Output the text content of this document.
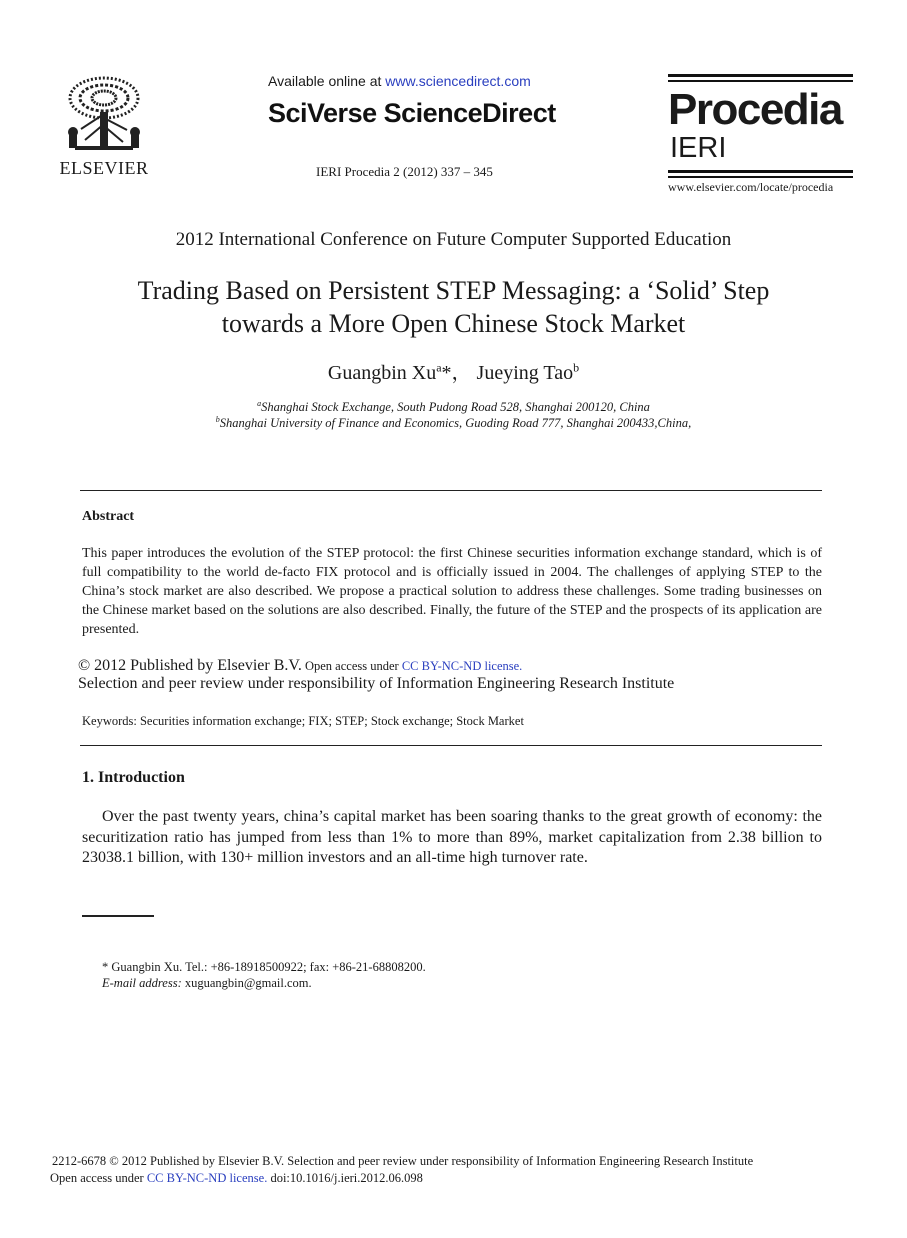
ELSEVIER
Available online at www.sciencedirect.com
SciVerse ScienceDirect
IERI Procedia 2 (2012) 337 – 345
Procedia
IERI
www.elsevier.com/locate/procedia
2012 International Conference on Future Computer Supported Education
Trading Based on Persistent STEP Messaging: a ‘Solid’ Step
towards a More Open Chinese Stock Market
Guangbin Xu$^a$*， Jueying Tao$^b$
$^a$Shanghai Stock Exchange, South Pudong Road 528, Shanghai 200120, China
$^b$Shanghai University of Finance and Economics, Guoding Road 777, Shanghai 200433,China,
Abstract
This paper introduces the evolution of the STEP protocol: the first Chinese securities information exchange standard, which is of full compatibility to the world de-facto FIX protocol and is officially issued in 2004. The challenges of applying STEP to the China’s stock market are also described. We propose a practical solution to address these challenges. Some trading businesses on the Chinese market based on the solutions are also described. Finally, the future of the STEP and the prospects of its application are presented.
© 2012 Published by Elsevier B.V. Open access under CC BY-NC-ND license.
Selection and peer review under responsibility of Information Engineering Research Institute
Keywords: Securities information exchange; FIX; STEP; Stock exchange; Stock Market
1. Introduction
Over the past twenty years, china’s capital market has been soaring thanks to the great growth of economy: the securitization ratio has jumped from less than 1% to more than 89%, market capitalization from 2.38 billion to 23038.1 billion, with 130+ million investors and an all-time high turnover rate.
* Guangbin Xu. Tel.: +86-18918500922; fax: +86-21-68808200.
E-mail address: xuguangbin@gmail.com.
2212-6678 © 2012 Published by Elsevier B.V. Selection and peer review under responsibility of Information Engineering Research Institute
Open access under CC BY-NC-ND license. doi:10.1016/j.ieri.2012.06.098
